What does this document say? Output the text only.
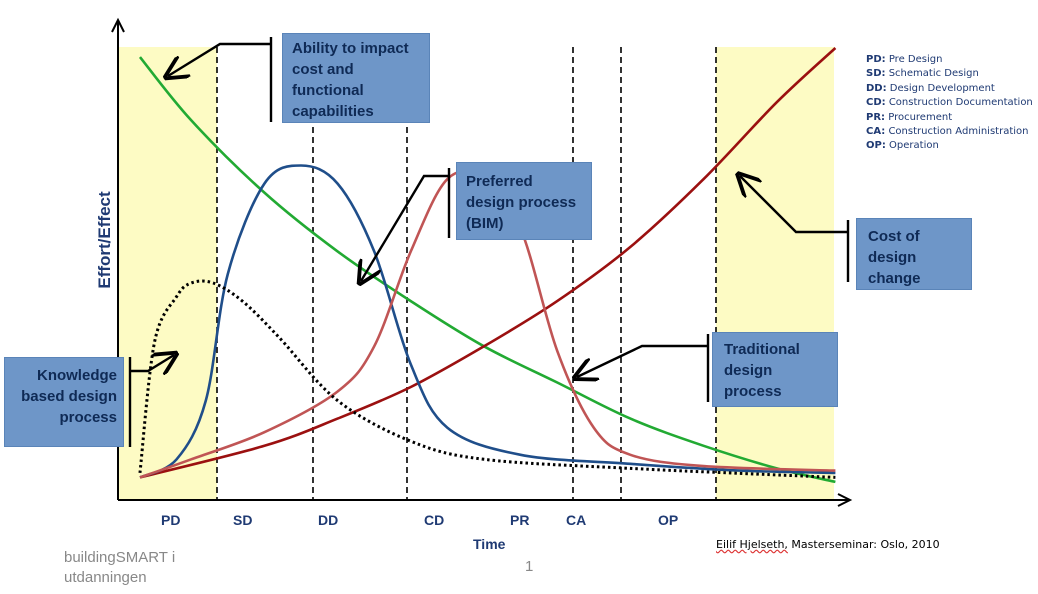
Ability to impact cost and functional capabilities
Preferred design process (BIM)
Cost of design change
Traditional design process
Knowledge based design process
Effort/Effect
Time
PD	SD	DD	CD	PR	CA	OP
PD: Pre Design
SD: Schematic Design
DD: Design Development
CD: Construction Documentation
PR: Procurement
CA: Construction Administration
OP: Operation
buildingSMART i
utdanningen
1
Eilif Hjelseth, Masterseminar: Oslo, 2010
